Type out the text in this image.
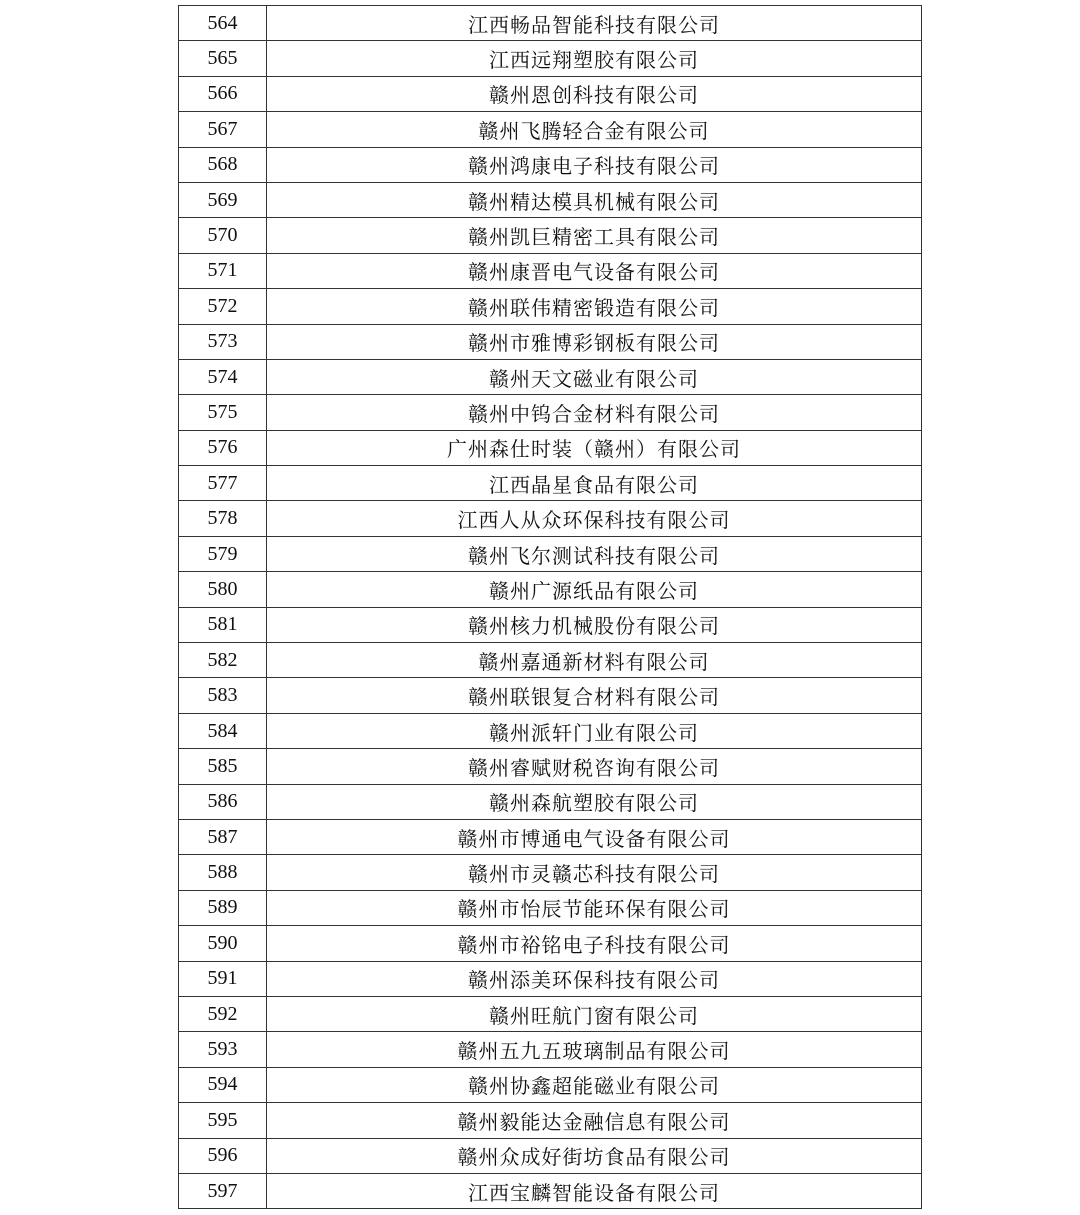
564	江西畅品智能科技有限公司
565	江西远翔塑胶有限公司
566	赣州恩创科技有限公司
567	赣州飞腾轻合金有限公司
568	赣州鸿康电子科技有限公司
569	赣州精达模具机械有限公司
570	赣州凯巨精密工具有限公司
571	赣州康晋电气设备有限公司
572	赣州联伟精密锻造有限公司
573	赣州市雅博彩钢板有限公司
574	赣州天文磁业有限公司
575	赣州中钨合金材料有限公司
576	广州森仕时装（赣州）有限公司
577	江西晶星食品有限公司
578	江西人从众环保科技有限公司
579	赣州飞尔测试科技有限公司
580	赣州广源纸品有限公司
581	赣州核力机械股份有限公司
582	赣州嘉通新材料有限公司
583	赣州联银复合材料有限公司
584	赣州派轩门业有限公司
585	赣州睿赋财税咨询有限公司
586	赣州森航塑胶有限公司
587	赣州市博通电气设备有限公司
588	赣州市灵赣芯科技有限公司
589	赣州市怡辰节能环保有限公司
590	赣州市裕铭电子科技有限公司
591	赣州添美环保科技有限公司
592	赣州旺航门窗有限公司
593	赣州五九五玻璃制品有限公司
594	赣州协鑫超能磁业有限公司
595	赣州毅能达金融信息有限公司
596	赣州众成好街坊食品有限公司
597	江西宝麟智能设备有限公司
